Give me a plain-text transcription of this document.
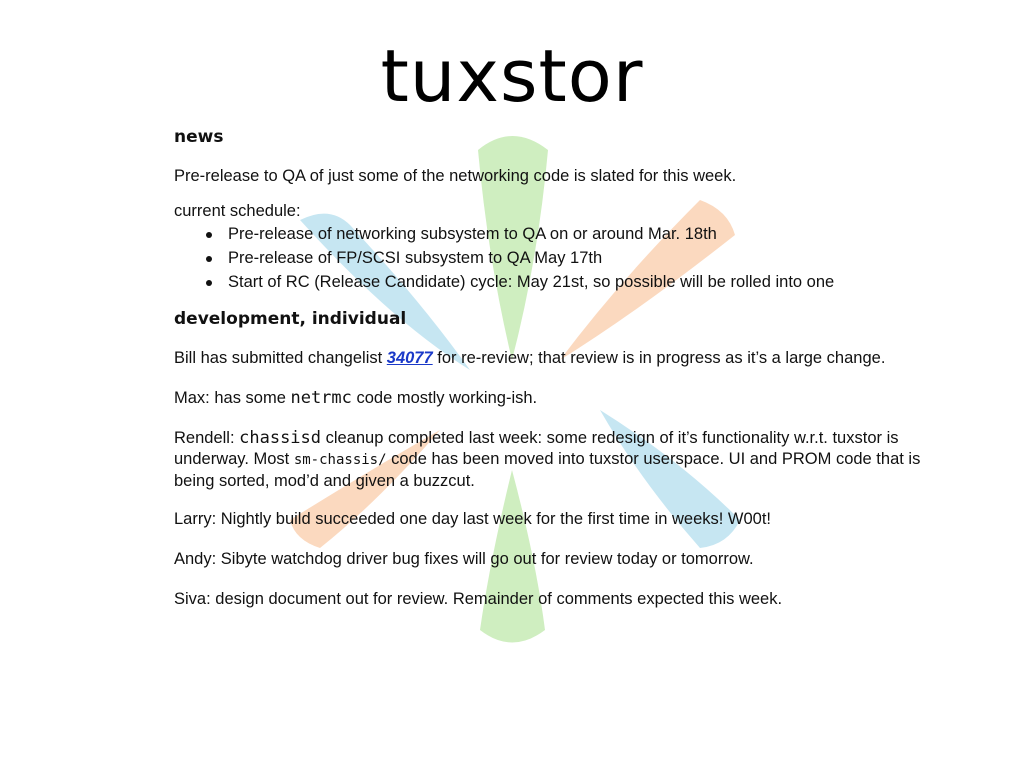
tuxstor
news

Pre-release to QA of just some of the networking code is slated for this week.

current schedule:

Pre-release of networking subsystem to QA on or around Mar. 18th
Pre-release of FP/SCSI subsystem to QA May 17th
Start of RC (Release Candidate) cycle: May 21st, so possible will be rolled into one
development, individual

Bill has submitted changelist 34077 for re-review; that review is in progress as it’s a large change.

Max: has some netrmc code mostly working-ish.

Rendell: chassisd cleanup completed last week: some redesign of it’s functionality w.r.t. tuxstor is underway. Most sm-chassis/ code has been moved into tuxstor userspace. UI and PROM code that is being sorted, mod’d and given a buzzcut.

Larry: Nightly build succeeded one day last week for the first time in weeks! W00t!

Andy: Sibyte watchdog driver bug fixes will go out for review today or tomorrow.

Siva: design document out for review. Remainder of comments expected this week.
